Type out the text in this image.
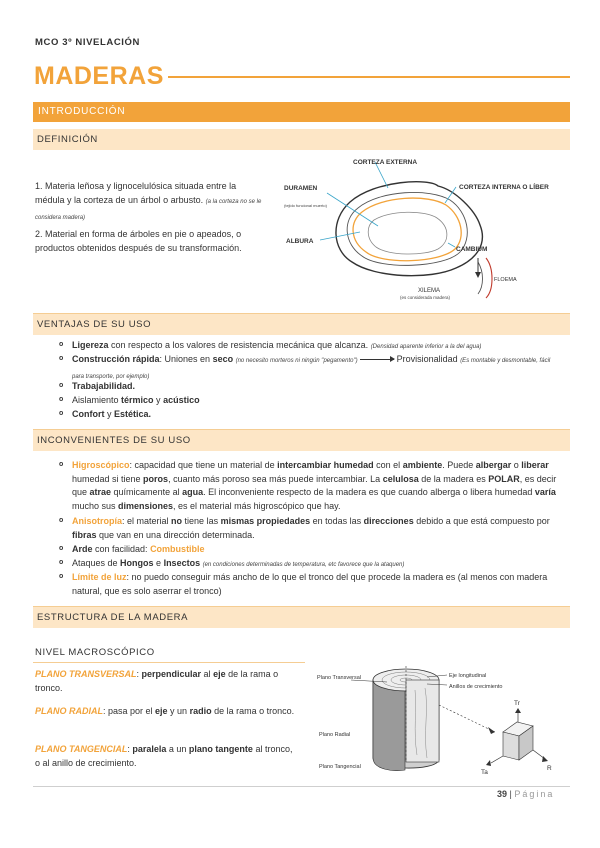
MCO 3º NIVELACIÓN
MADERAS
INTRODUCCIÓN
DEFINICIÓN
1. Materia leñosa y lignocelulósica situada entre la médula y la corteza de un árbol o arbusto. (a la corteza no se le considera madera)
2. Material en forma de árboles en pie o apeados, o productos obtenidos después de su transformación.
CORTEZA EXTERNA
DURAMEN
(tejido funcional muerto)
CORTEZA INTERNA O LÍBER
ALBURA
CAMBIUM
FLOEMA
XILEMA
(es considerada madera)
VENTAJAS DE SU USO
o Ligereza con respecto a los valores de resistencia mecánica que alcanza. (Densidad aparente inferior a la del agua)
o Construcción rápida: Uniones en seco (no necesito morteros ni ningún "pegamento")	Provisionalidad (Es montable y desmontable, fácil para transporte, por ejemplo)
o Trabajabilidad.
o Aislamiento térmico y acústico
o Confort y Estética.
INCONVENIENTES DE SU USO
o Higroscópico: capacidad que tiene un material de intercambiar humedad con el ambiente. Puede albergar o liberar humedad si tiene poros, cuanto más poroso sea más puede intercambiar. La celulosa de la madera es POLAR, es decir que atrae químicamente al agua. El inconveniente respecto de la madera es que cuando alberga o libera humedad varía mucho sus dimensiones, es el material más higroscópico que hay.
o Anisotropía: el material no tiene las mismas propiedades en todas las direcciones debido a que está compuesto por fibras que van en una dirección determinada.
o Arde con facilidad: Combustible
o Ataques de Hongos e Insectos (en condiciones determinadas de temperatura, etc favorece que la ataquen)
o Límite de luz: no puedo conseguir más ancho de lo que el tronco del que procede la madera es (al menos con madera natural, que es solo aserrar el tronco)
ESTRUCTURA DE LA MADERA
NIVEL MACROSCÓPICO
PLANO TRANSVERSAL: perpendicular al eje de la rama o tronco.
PLANO RADIAL: pasa por el eje y un radio de la rama o tronco.
PLANO TANGENCIAL: paralela a un plano tangente al tronco, o al anillo de crecimiento.
Plano Transversal	Eje longitudinal
Anillos de crecimiento
Plano Radial
Plano Tangencial
Tr
Ta
R
39 | Página
